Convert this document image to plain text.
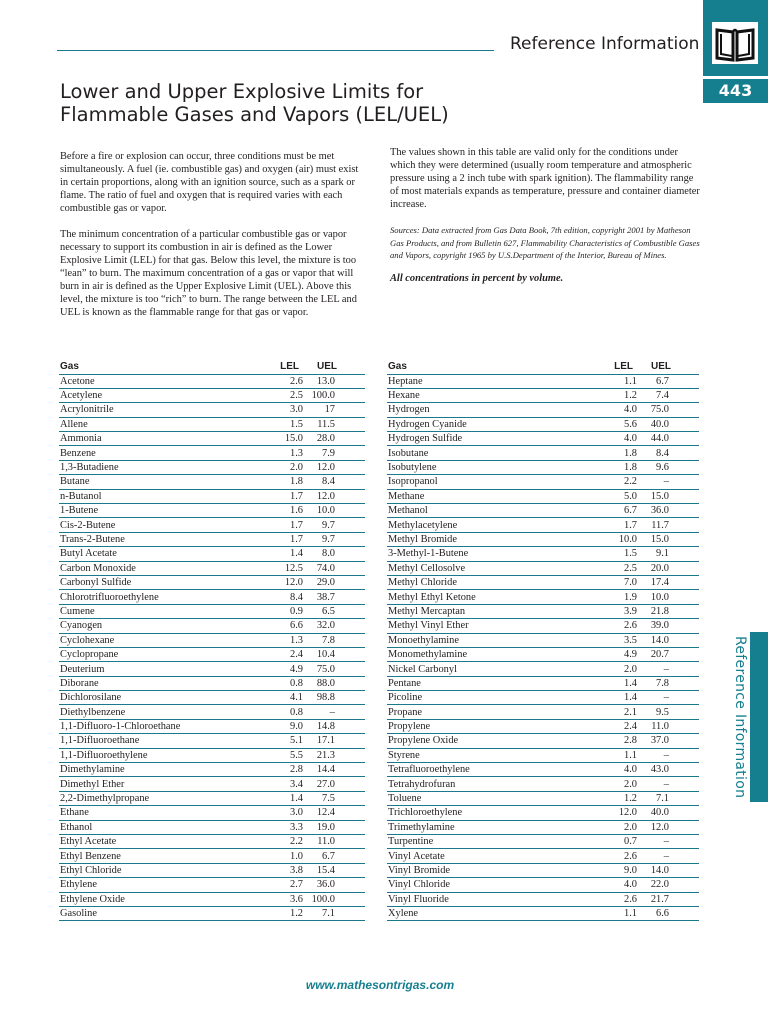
Reference Information
443
Lower and Upper Explosive Limits for
Flammable Gases and Vapors (LEL/UEL)

Before a fire or explosion can occur, three conditions must be met simultaneously. A fuel (ie. combustible gas) and oxygen (air) must exist in certain proportions, along with an ignition source, such as a spark or flame. The ratio of fuel and oxygen that is required varies with each combustible gas or vapor.

The minimum concentration of a particular combustible gas or vapor necessary to support its combustion in air is defined as the Lower Explosive Limit (LEL) for that gas. Below this level, the mixture is too “lean” to burn. The maximum concentration of a gas or vapor that will burn in air is defined as the Upper Explosive Limit (UEL). Above this level, the mixture is too “rich” to burn. The range between the LEL and UEL is known as the flammable range for that gas or vapor.

The values shown in this table are valid only for the conditions under which they were determined (usually room temperature and atmospheric pressure using a 2 inch tube with spark ignition). The flammability range of most materials expands as temperature, pressure and container diameter increase.

Sources: Data extracted from Gas Data Book, 7th edition, copyright 2001 by Matheson Gas Products, and from Bulletin 627, Flammability Characteristics of Combustible Gases and Vapors, copyright 1965 by U.S.Department of the Interior, Bureau of Mines.

All concentrations in percent by volume.

Gas	LEL	UEL
Acetone	2.6	13.0
Acetylene	2.5	100.0
Acrylonitrile	3.0	17
Allene	1.5	11.5
Ammonia	15.0	28.0
Benzene	1.3	7.9
1,3-Butadiene	2.0	12.0
Butane	1.8	8.4
n-Butanol	1.7	12.0
1-Butene	1.6	10.0
Cis-2-Butene	1.7	9.7
Trans-2-Butene	1.7	9.7
Butyl Acetate	1.4	8.0
Carbon Monoxide	12.5	74.0
Carbonyl Sulfide	12.0	29.0
Chlorotrifluoroethylene	8.4	38.7
Cumene	0.9	6.5
Cyanogen	6.6	32.0
Cyclohexane	1.3	7.8
Cyclopropane	2.4	10.4
Deuterium	4.9	75.0
Diborane	0.8	88.0
Dichlorosilane	4.1	98.8
Diethylbenzene	0.8	–
1,1-Difluoro-1-Chloroethane	9.0	14.8
1,1-Difluoroethane	5.1	17.1
1,1-Difluoroethylene	5.5	21.3
Dimethylamine	2.8	14.4
Dimethyl Ether	3.4	27.0
2,2-Dimethylpropane	1.4	7.5
Ethane	3.0	12.4
Ethanol	3.3	19.0
Ethyl Acetate	2.2	11.0
Ethyl Benzene	1.0	6.7
Ethyl Chloride	3.8	15.4
Ethylene	2.7	36.0
Ethylene Oxide	3.6	100.0
Gasoline	1.2	7.1
Gas	LEL	UEL
Heptane	1.1	6.7
Hexane	1.2	7.4
Hydrogen	4.0	75.0
Hydrogen Cyanide	5.6	40.0
Hydrogen Sulfide	4.0	44.0
Isobutane	1.8	8.4
Isobutylene	1.8	9.6
Isopropanol	2.2	–
Methane	5.0	15.0
Methanol	6.7	36.0
Methylacetylene	1.7	11.7
Methyl Bromide	10.0	15.0
3-Methyl-1-Butene	1.5	9.1
Methyl Cellosolve	2.5	20.0
Methyl Chloride	7.0	17.4
Methyl Ethyl Ketone	1.9	10.0
Methyl Mercaptan	3.9	21.8
Methyl Vinyl Ether	2.6	39.0
Monoethylamine	3.5	14.0
Monomethylamine	4.9	20.7
Nickel Carbonyl	2.0	–
Pentane	1.4	7.8
Picoline	1.4	–
Propane	2.1	9.5
Propylene	2.4	11.0
Propylene Oxide	2.8	37.0
Styrene	1.1	–
Tetrafluoroethylene	4.0	43.0
Tetrahydrofuran	2.0	–
Toluene	1.2	7.1
Trichloroethylene	12.0	40.0
Trimethylamine	2.0	12.0
Turpentine	0.7	–
Vinyl Acetate	2.6	–
Vinyl Bromide	9.0	14.0
Vinyl Chloride	4.0	22.0
Vinyl Fluoride	2.6	21.7
Xylene	1.1	6.6
Reference Information
www.mathesontrigas.com
